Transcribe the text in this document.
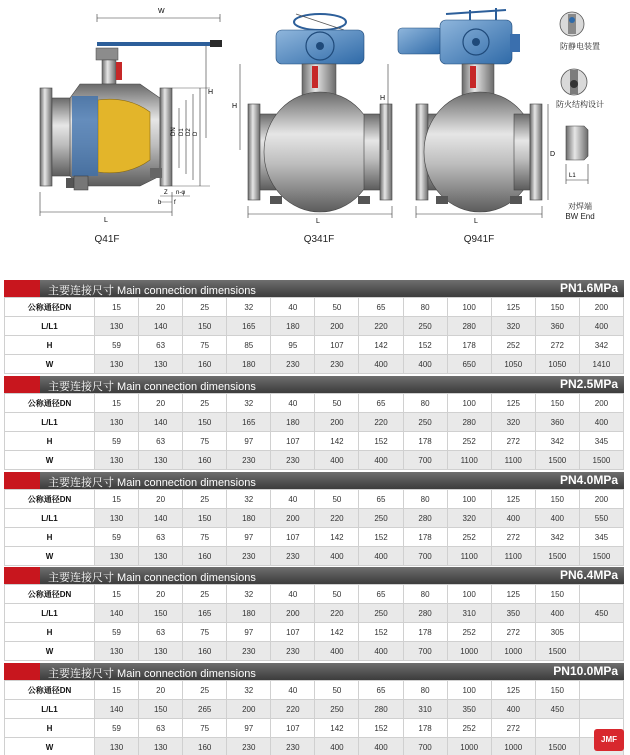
W
L
H
DN D1 D2 D
Z n-φ
b f
L
H
L
H
D
L1
Q41F	Q341F	Q941F
防静电装置
防火结构设计
对焊端
BW End
主要连接尺寸 Main connection dimensions	PN1.6MPa
公称通径DN	15	20	25	32	40	50	65	80	100	125	150	200
L/L1	130	140	150	165	180	200	220	250	280	320	360	400
H	59	63	75	85	95	107	142	152	178	252	272	342
W	130	130	160	180	230	230	400	400	650	1050	1050	1410
主要连接尺寸 Main connection dimensions	PN2.5MPa
公称通径DN	15	20	25	32	40	50	65	80	100	125	150	200
L/L1	130	140	150	165	180	200	220	250	280	320	360	400
H	59	63	75	97	107	142	152	178	252	272	342	345
W	130	130	160	230	230	400	400	700	1100	1100	1500	1500
主要连接尺寸 Main connection dimensions	PN4.0MPa
公称通径DN	15	20	25	32	40	50	65	80	100	125	150	200
L/L1	130	140	150	180	200	220	250	280	320	400	400	550
H	59	63	75	97	107	142	152	178	252	272	342	345
W	130	130	160	230	230	400	400	700	1100	1100	1500	1500
主要连接尺寸 Main connection dimensions	PN6.4MPa
公称通径DN	15	20	25	32	40	50	65	80	100	125	150	
L/L1	140	150	165	180	200	220	250	280	310	350	400	450
H	59	63	75	97	107	142	152	178	252	272	305	
W	130	130	160	230	230	400	400	700	1000	1000	1500	
主要连接尺寸 Main connection dimensions	PN10.0MPa
公称通径DN	15	20	25	32	40	50	65	80	100	125	150	
L/L1	140	150	265	200	220	250	280	310	350	400	450	
H	59	63	75	97	107	142	152	178	252	272		
W	130	130	160	230	230	400	400	700	1000	1000	1500	
JMF
